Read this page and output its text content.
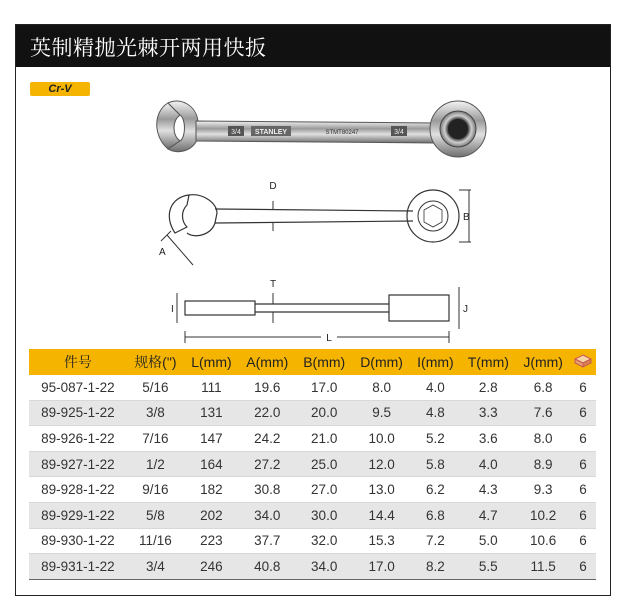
英制精抛光棘开两用快扳
Cr-V
3/4 STANLEY	STMT80247	3/4
D
A
B
T
I	J
L
件号	规格(")	L(mm)	A(mm)	B(mm)	D(mm)	I(mm)	T(mm)	J(mm)	
95-087-1-22	5/16	111	19.6	17.0	8.0	4.0	2.8	6.8	6
89-925-1-22	3/8	131	22.0	20.0	9.5	4.8	3.3	7.6	6
89-926-1-22	7/16	147	24.2	21.0	10.0	5.2	3.6	8.0	6
89-927-1-22	1/2	164	27.2	25.0	12.0	5.8	4.0	8.9	6
89-928-1-22	9/16	182	30.8	27.0	13.0	6.2	4.3	9.3	6
89-929-1-22	5/8	202	34.0	30.0	14.4	6.8	4.7	10.2	6
89-930-1-22	11/16	223	37.7	32.0	15.3	7.2	5.0	10.6	6
89-931-1-22	3/4	246	40.8	34.0	17.0	8.2	5.5	11.5	6
